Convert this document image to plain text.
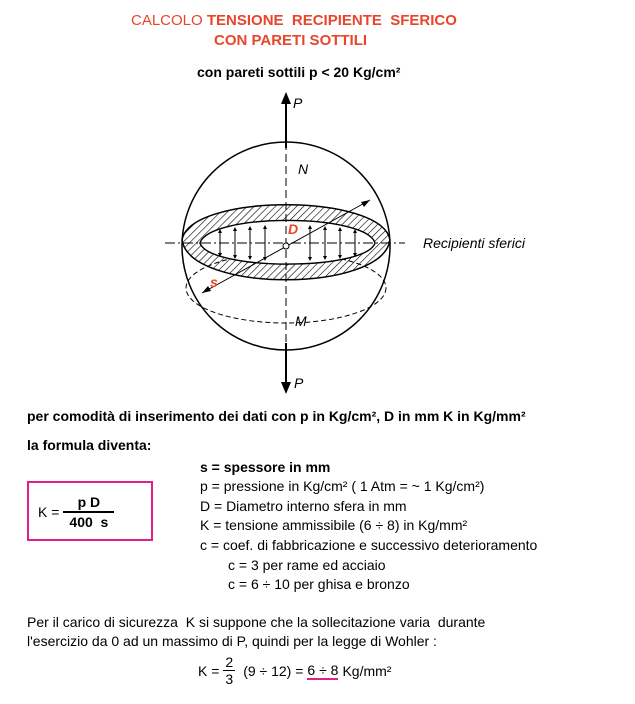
CALCOLO TENSIONE  RECIPIENTE  SFERICO
CON PARETI SOTTILI
con pareti sottili p < 20 Kg/cm²
P
N
D
s
M
P
Recipienti sferici
per comodità di inserimento dei dati con p in Kg/cm², D in mm K in Kg/mm²
la formula diventa:
$K = \frac{\text{p D}}{400 s}$
s = spessore in mm
p = pressione in Kg/cm² ( 1 Atm = ~ 1 Kg/cm²)
D = Diametro interno sfera in mm
K = tensione ammissibile (6 ÷ 8) in Kg/mm²
c = coef. di fabbricazione e successivo deterioramento
c = 3 per rame ed acciaio
c = 6 ÷ 10 per ghisa e bronzo
Per il carico di sicurezza  K si suppone che la sollecitazione varia  durante
l'esercizio da 0 ad un massimo di P, quindi per la legge di Wohler :
$K = \frac{2}{3} (9 \div 12) = 6 \div 8$ Kg/mm²
